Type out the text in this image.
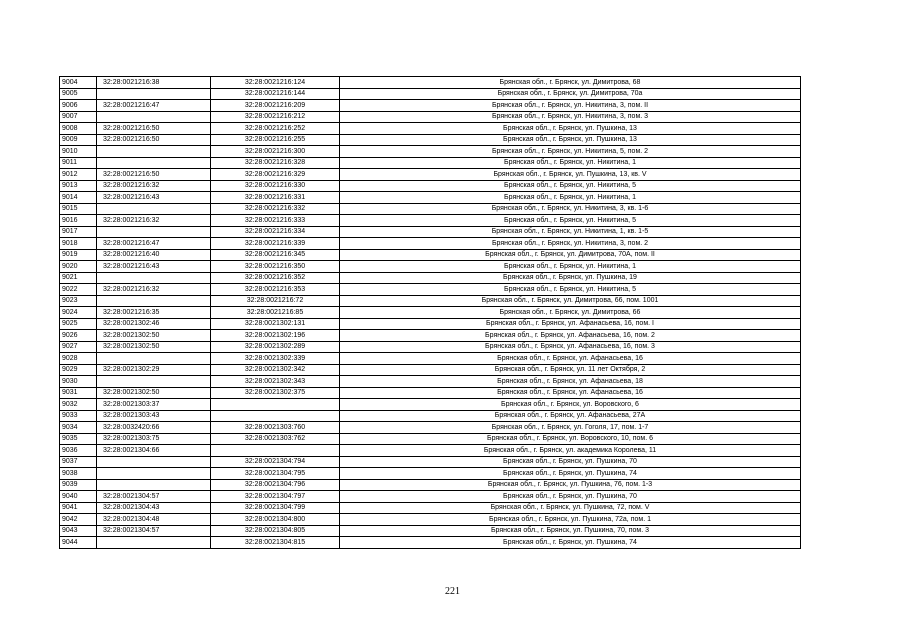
9004	32:28:0021216:38	32:28:0021216:124	Брянская обл., г. Брянск, ул. Димитрова, 68
9005		32:28:0021216:144	Брянская обл., г. Брянск, ул. Димитрова, 70а
9006	32:28:0021216:47	32:28:0021216:209	Брянская обл., г. Брянск, ул. Никитина, 3, пом. II
9007		32:28:0021216:212	Брянская обл., г. Брянск, ул. Никитина, 3, пом. 3
9008	32:28:0021216:50	32:28:0021216:252	Брянская обл., г. Брянск, ул. Пушкина, 13
9009	32:28:0021216:50	32:28:0021216:255	Брянская обл., г. Брянск, ул. Пушкина, 13
9010		32:28:0021216:300	Брянская обл., г. Брянск, ул. Никитина, 5, пом. 2
9011		32:28:0021216:328	Брянская обл., г. Брянск, ул. Никитина, 1
9012	32:28:0021216:50	32:28:0021216:329	Брянская обл., г. Брянск, ул. Пушкина, 13, кв. V
9013	32:28:0021216:32	32:28:0021216:330	Брянская обл., г. Брянск, ул. Никитина, 5
9014	32:28:0021216:43	32:28:0021216:331	Брянская обл., г. Брянск, ул. Никитина, 1
9015		32:28:0021216:332	Брянская обл., г. Брянск, ул. Никитина, 3, кв. 1-6
9016	32:28:0021216:32	32:28:0021216:333	Брянская обл., г. Брянск, ул. Никитина, 5
9017		32:28:0021216:334	Брянская обл., г. Брянск, ул. Никитина, 1, кв. 1-5
9018	32:28:0021216:47	32:28:0021216:339	Брянская обл., г. Брянск, ул. Никитина, 3, пом. 2
9019	32:28:0021216:40	32:28:0021216:345	Брянская обл., г. Брянск, ул. Димитрова, 70А, пом. II
9020	32:28:0021216:43	32:28:0021216:350	Брянская обл., г. Брянск, ул. Никитина, 1
9021		32:28:0021216:352	Брянская обл., г. Брянск, ул. Пушкина, 19
9022	32:28:0021216:32	32:28:0021216:353	Брянская обл., г. Брянск, ул. Никитина, 5
9023		32:28:0021216:72	Брянская обл., г. Брянск, ул. Димитрова, 66, пом. 1001
9024	32:28:0021216:35	32:28:0021216:85	Брянская обл., г. Брянск, ул. Димитрова, 66
9025	32:28:0021302:46	32:28:0021302:131	Брянская обл., г. Брянск, ул. Афанасьева, 16, пом. I
9026	32:28:0021302:50	32:28:0021302:196	Брянская обл., г. Брянск, ул. Афанасьева, 16, пом. 2
9027	32:28:0021302:50	32:28:0021302:289	Брянская обл., г. Брянск, ул. Афанасьева, 16, пом. 3
9028		32:28:0021302:339	Брянская обл., г. Брянск, ул. Афанасьева, 16
9029	32:28:0021302:29	32:28:0021302:342	Брянская обл., г. Брянск, ул. 11 лет Октября, 2
9030		32:28:0021302:343	Брянская обл., г. Брянск, ул. Афанасьева, 18
9031	32:28:0021302:50	32:28:0021302:375	Брянская обл., г. Брянск, ул. Афанасьева, 16
9032	32:28:0021303:37		Брянская обл., г. Брянск, ул. Воровского, 6
9033	32:28:0021303:43		Брянская обл., г. Брянск, ул. Афанасьева, 27А
9034	32:28:0032420:66	32:28:0021303:760	Брянская обл., г. Брянск, ул. Гоголя, 17, пом. 1-7
9035	32:28:0021303:75	32:28:0021303:762	Брянская обл., г. Брянск, ул. Воровского, 10, пом. 6
9036	32:28:0021304:66		Брянская обл., г. Брянск, ул. академика Королева, 11
9037		32:28:0021304:794	Брянская обл., г. Брянск, ул. Пушкина, 70
9038		32:28:0021304:795	Брянская обл., г. Брянск, ул. Пушкина, 74
9039		32:28:0021304:796	Брянская обл., г. Брянск, ул. Пушкина, 76, пом. 1-3
9040	32:28:0021304:57	32:28:0021304:797	Брянская обл., г. Брянск, ул. Пушкина, 70
9041	32:28:0021304:43	32:28:0021304:799	Брянская обл., г. Брянск, ул. Пушкина, 72, пом. V
9042	32:28:0021304:48	32:28:0021304:800	Брянская обл., г. Брянск, ул. Пушкина, 72а, пом. 1
9043	32:28:0021304:57	32:28:0021304:805	Брянская обл., г. Брянск, ул. Пушкина, 70, пом. 3
9044		32:28:0021304:815	Брянская обл., г. Брянск, ул. Пушкина, 74
221
